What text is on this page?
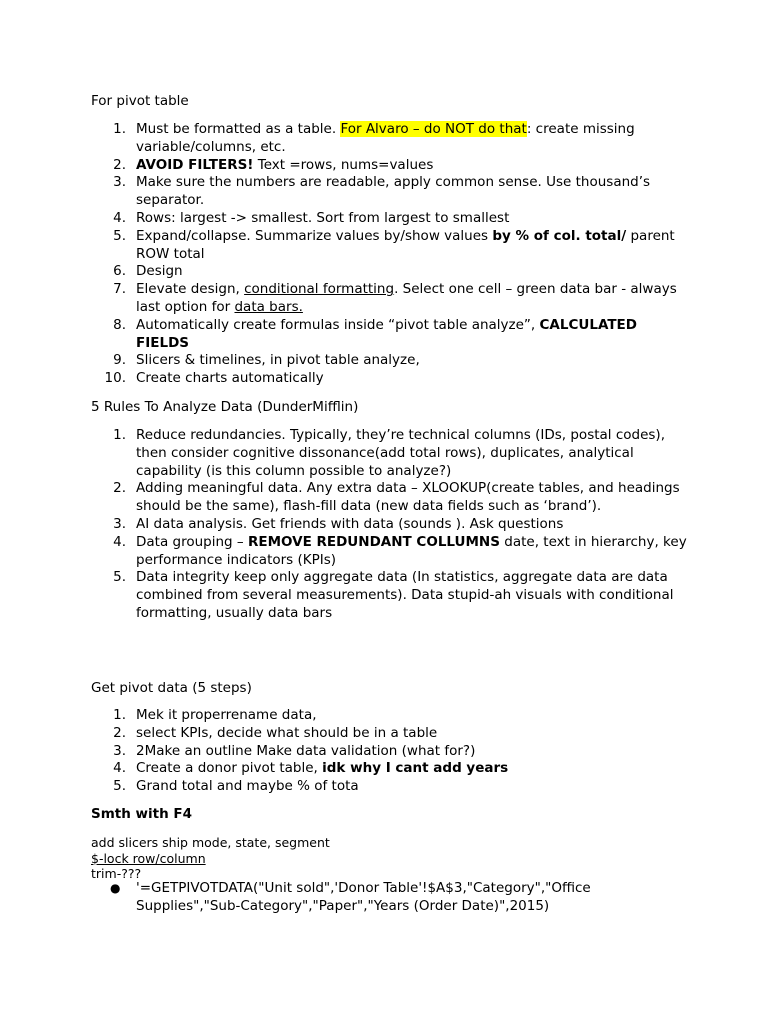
For pivot table
1. Must be formatted as a table. For Alvaro – do NOT do that: create missing variable/columns, etc.
2. AVOID FILTERS! Text =rows, nums=values
3. Make sure the numbers are readable, apply common sense. Use thousand’s separator.
4. Rows: largest -> smallest. Sort from largest to smallest
5. Expand/collapse. Summarize values by/show values by % of col. total/ parent ROW total
6. Design
7. Elevate design, conditional formatting. Select one cell – green data bar - always last option for data bars.
8. Automatically create formulas inside “pivot table analyze”, CALCULATED FIELDS
9. Slicers & timelines, in pivot table analyze,
10. Create charts automatically
5 Rules To Analyze Data (DunderMifflin)
1. Reduce redundancies. Typically, they’re technical columns (IDs, postal codes), then consider cognitive dissonance(add total rows), duplicates, analytical capability (is this column possible to analyze?)
2. Adding meaningful data. Any extra data – XLOOKUP(create tables, and headings should be the same), flash-fill data (new data fields such as ‘brand’).
3. AI data analysis. Get friends with data (sounds ￼￼). Ask questions
4. Data grouping – REMOVE REDUNDANT COLLUMNS date, text in hierarchy, key performance indicators (KPIs)
5. Data integrity keep only aggregate data (In statistics, aggregate data are data combined from several measurements). Data stupid-ah visuals with conditional formatting, usually data bars
Get pivot data (5 steps)
1. Mek it properrename data,
2. select KPIs, decide what should be in a table
3. 2Make an outline Make data validation (what for?)
4. Create a donor pivot table, idk why I cant add years
5. Grand total and maybe % of tota
Smth with F4
add slicers ship mode, state, segment
$-lock row/column
trim-???
● '=GETPIVOTDATA("Unit sold",'Donor Table'!$A$3,"Category","Office Supplies","Sub-Category","Paper","Years (Order Date)",2015)
